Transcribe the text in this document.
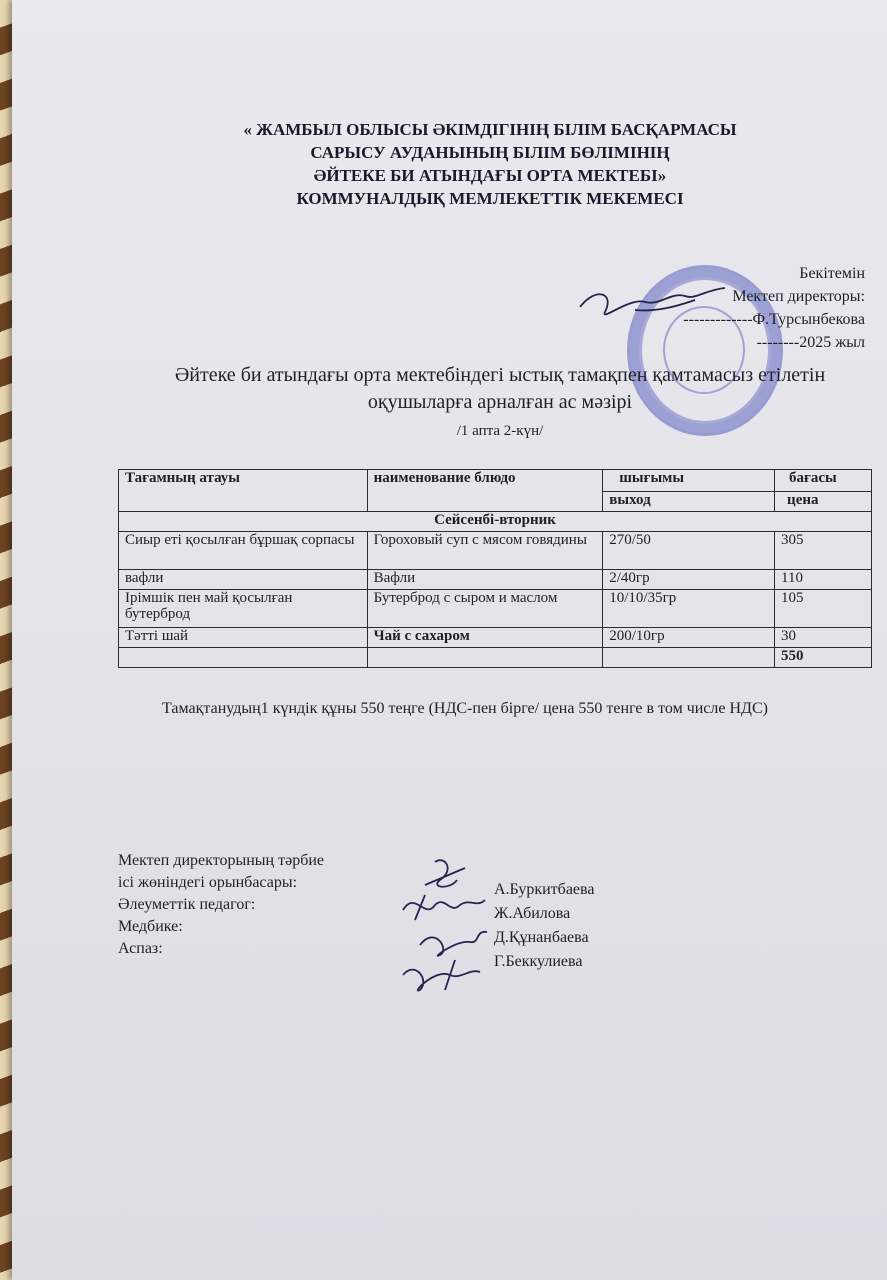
« ЖАМБЫЛ ОБЛЫСЫ ӘКІМДІГІНІҢ БІЛІМ БАСҚАРМАСЫ
САРЫСУ АУДАНЫНЫҢ БІЛІМ БӨЛІМІНІҢ
ӘЙТЕКЕ БИ АТЫНДАҒЫ ОРТА МЕКТЕБІ»
КОММУНАЛДЫҚ МЕМЛЕКЕТТІК МЕКЕМЕСІ
Бекітемін
Мектеп директоры:
-------------Ф.Турсынбекова
--------2025 жыл
Әйтеке би атындағы орта мектебіндегі ыстық тамақпен қамтамасыз етілетін
оқушыларға арналған ас мәзірі
/1 апта 2-күн/
Тағамның атауы	наименование блюдо	шығымы	бағасы
		выход	цена
Сейсенбі-вторник			
Сиыр еті қосылған бұршақ сорпасы	Гороховый суп с мясом говядины	270/50	305
вафли	Вафли	2/40гр	110
Ірімшік пен май қосылған бутерброд	Бутерброд с сыром и маслом	10/10/35гр	105
Тәтті шай	Чай с сахаром	200/10гр	30
			550
Тамақтанудың1 күндік құны 550 теңге (НДС-пен бірге/ цена 550 тенге в том числе НДС)
Мектеп директорының тәрбие
ісі жөніндегі орынбасары:
Әлеуметтік педагог:
Медбике:
Аспаз:
А.Буркитбаева
Ж.Абилова
Д.Құнанбаева
Г.Беккулиева
